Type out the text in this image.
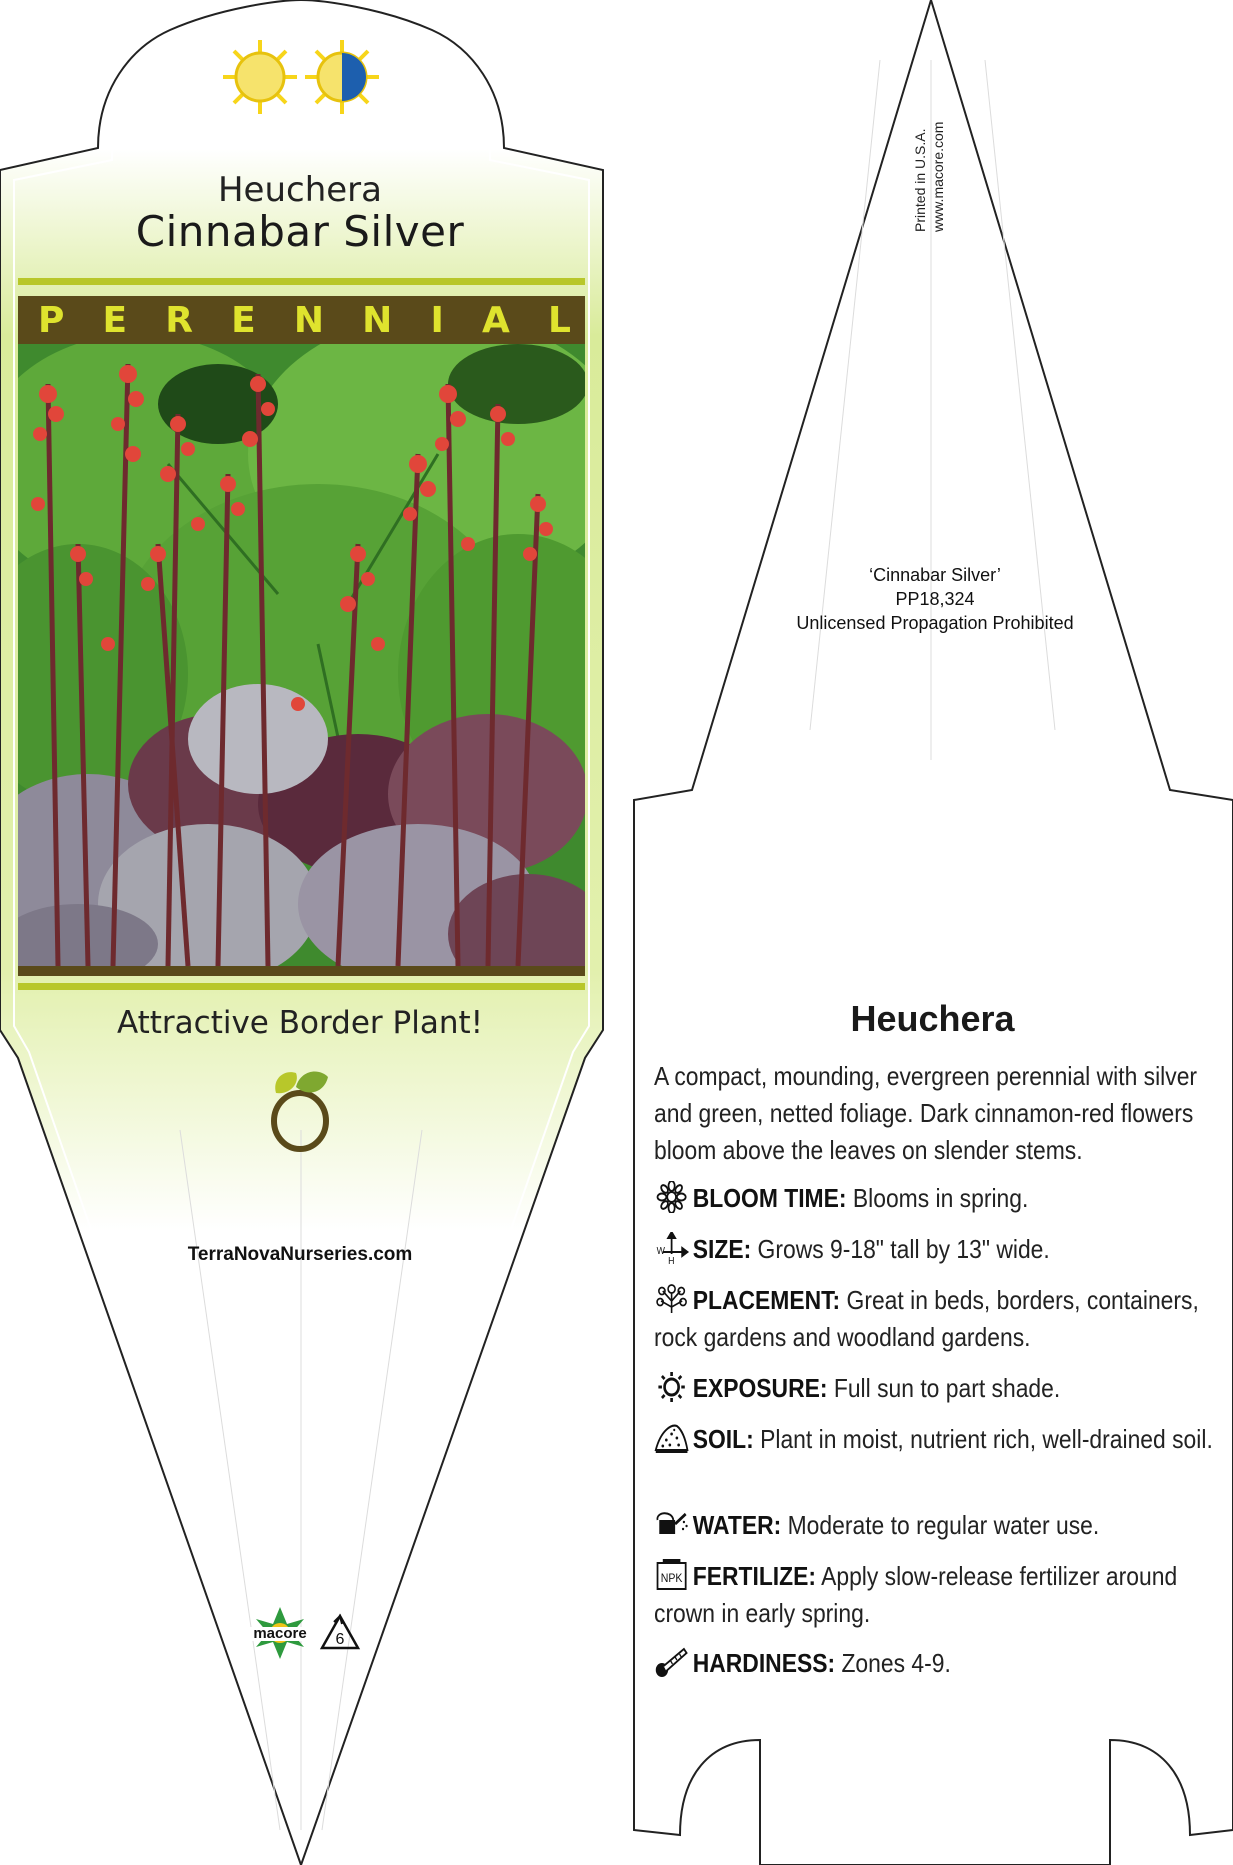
Heuchera
Cinnabar Silver
P E R E N N I A L
Attractive Border Plant!
TerraNovaNurseries.com
macore 6
Printed in U.S.A. www.macore.com
‘Cinnabar Silver’
PP18,324
Unlicensed Propagation Prohibited
Heuchera
A compact, mounding, evergreen perennial with silver and green, netted foliage. Dark cinnamon-red flowers bloom above the leaves on slender stems.
BLOOM TIME: Blooms in spring.
W
H SIZE: Grows 9-18" tall by 13" wide.
PLACEMENT: Great in beds, borders, containers, rock gardens and woodland gardens.
EXPOSURE: Full sun to part shade.
SOIL: Plant in moist, nutrient rich, well-drained soil.
WATER: Moderate to regular water use.
NPK FERTILIZE: Apply slow-release fertilizer around crown in early spring.
HARDINESS: Zones 4-9.
